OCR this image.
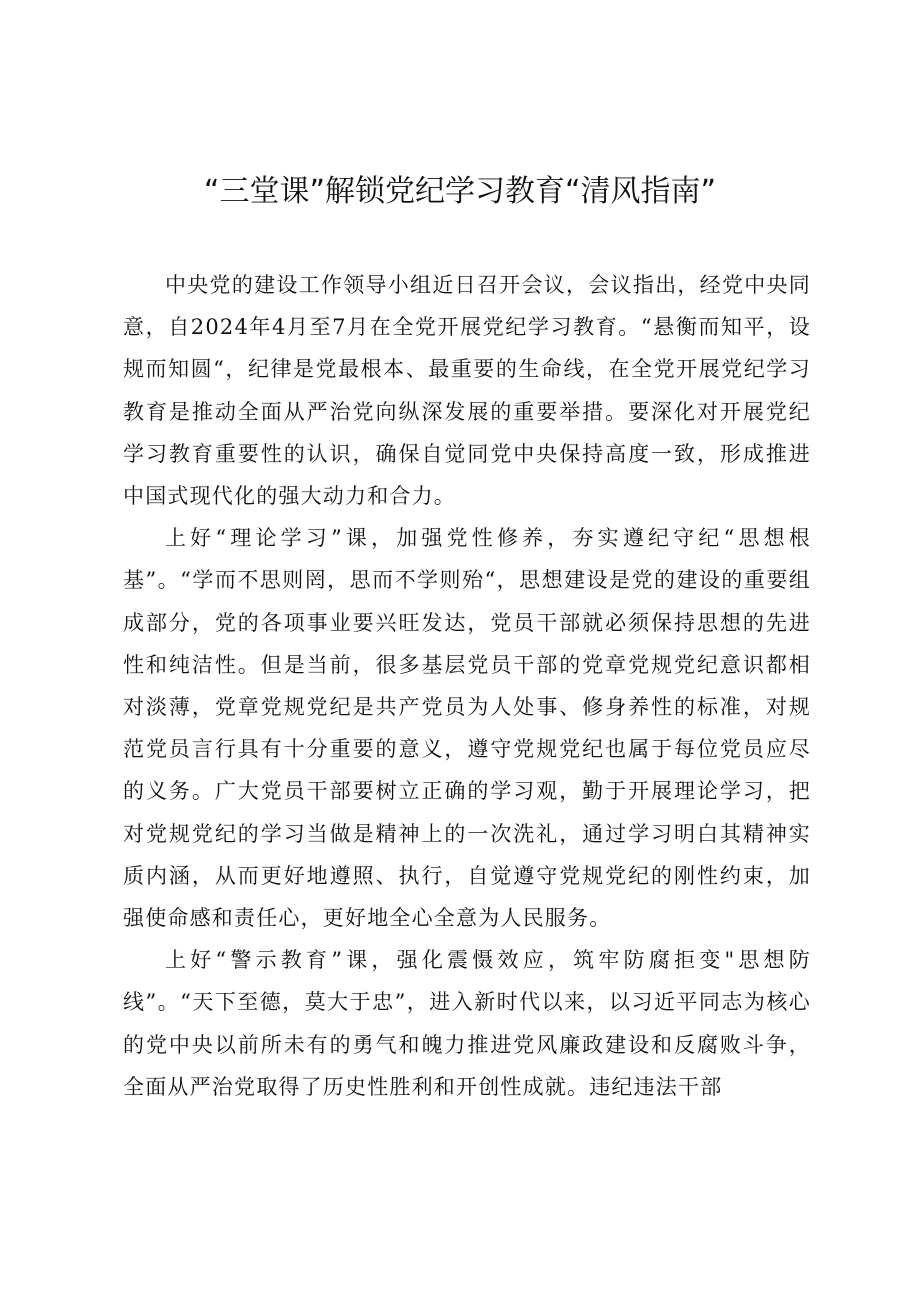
“三堂课”解锁党纪学习教育“清风指南”

中央党的建设工作领导小组近日召开会议，会议指出，经党中央同意，自2024年4月至7月在全党开展党纪学习教育。“悬衡而知平，设规而知圆“，纪律是党最根本、最重要的生命线，在全党开展党纪学习教育是推动全面从严治党向纵深发展的重要举措。要深化对开展党纪学习教育重要性的认识，确保自觉同党中央保持高度一致，形成推进中国式现代化的强大动力和合力。

上好“理论学习”课，加强党性修养，夯实遵纪守纪“思想根基”。“学而不思则罔，思而不学则殆“，思想建设是党的建设的重要组成部分，党的各项事业要兴旺发达，党员干部就必须保持思想的先进性和纯洁性。但是当前，很多基层党员干部的党章党规党纪意识都相对淡薄，党章党规党纪是共产党员为人处事、修身养性的标准，对规范党员言行具有十分重要的意义，遵守党规党纪也属于每位党员应尽的义务。广大党员干部要树立正确的学习观，勤于开展理论学习，把对党规党纪的学习当做是精神上的一次洗礼，通过学习明白其精神实质内涵，从而更好地遵照、执行，自觉遵守党规党纪的刚性约束，加强使命感和责任心，更好地全心全意为人民服务。

上好“警示教育”课，强化震慑效应，筑牢防腐拒变"思想防线”。“天下至德，莫大于忠”，进入新时代以来，以习近平同志为核心的党中央以前所未有的勇气和魄力推进党风廉政建设和反腐败斗争，全面从严治党取得了历史性胜利和开创性成就。违纪违法干部
